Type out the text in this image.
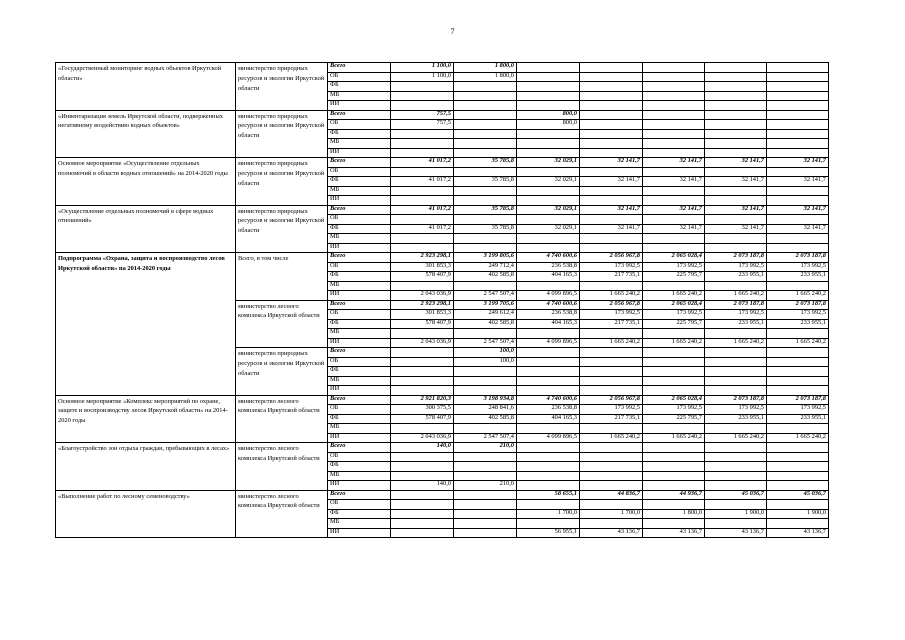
7
«Государственный мониторинг водных объектов Иркутской области»	министерство природных ресурсов и экологии Иркутской области	Всего	1 100,0	1 800,0					
		ОБ	1 100,0	1 800,0					
		ФБ							
		МБ							
		ИИ							
«Инвентаризация земель Иркутской области, подверженных негативному воздействию водных объектов»	министерство природных ресурсов и экологии Иркутской области	Всего	757,5		800,0				
		ОБ	757,5		800,0				
		ФБ							
		МБ							
		ИИ							
Основное мероприятие «Осуществление отдельных полномочий в области водных отношений» на 2014-2020 годы	министерство природных ресурсов и экологии Иркутской области	Всего	41 017,2	35 785,8	32 029,1	32 141,7	32 141,7	32 141,7	32 141,7
		ОБ							
		ФБ	41 017,2	35 785,8	32 029,1	32 141,7	32 141,7	32 141,7	32 141,7
		МБ							
		ИИ							
«Осуществление отдельных полномочий в сфере водных отношений»	министерство природных ресурсов и экологии Иркутской области	Всего	41 017,2	35 785,8	32 029,1	32 141,7	32 141,7	32 141,7	32 141,7
		ОБ							
		ФБ	41 017,2	35 785,8	32 029,1	32 141,7	32 141,7	32 141,7	32 141,7
		МБ							
		ИИ							
Подпрограмма «Охрана, защита и воспроизводство лесов Иркутской области» на 2014-2020 годы	Всего, в том числе	Всего	2 923 298,1	3 199 805,6	4 740 600,6	2 056 967,8	2 065 028,4	2 073 187,8	2 073 187,8
		ОБ	301 853,3	249 712,4	236 538,8	173 992,5	173 992,5	173 992,5	173 992,5
		ФБ	578 407,9	402 585,8	404 165,3	217 735,1	225 795,7	233 955,1	233 955,1
		МБ							
		ИИ	2 043 036,9	2 547 507,4	4 099 896,5	1 665 240,2	1 665 240,2	1 665 240,2	1 665 240,2
	министерство лесного комплекса Иркутской области	Всего	2 923 298,1	3 199 705,6	4 740 600,6	2 056 967,8	2 065 028,4	2 073 187,8	2 073 187,8
		ОБ	301 853,3	249 612,4	236 538,8	173 992,5	173 992,5	173 992,5	173 992,5
		ФБ	578 407,9	402 585,8	404 165,3	217 735,1	225 795,7	233 955,1	233 955,1
		МБ							
		ИИ	2 043 036,9	2 547 507,4	4 099 896,5	1 665 240,2	1 665 240,2	1 665 240,2	1 665 240,2
	министерство природных ресурсов и экологии Иркутской области	Всего		100,0					
		ОБ		100,0					
		ФБ							
		МБ							
		ИИ							
Основное мероприятие «Комплекс мероприятий по охране, защите и воспроизводству лесов Иркутской области» на 2014-2020 годы	министерство лесного комплекса Иркутской области	Всего	2 921 820,3	3 198 934,8	4 740 600,6	2 056 967,8	2 065 028,4	2 073 187,8	2 073 187,8
		ОБ	300 375,5	248 841,6	236 538,8	173 992,5	173 992,5	173 992,5	173 992,5
		ФБ	578 407,9	402 585,8	404 165,3	217 735,1	225 795,7	233 955,1	233 955,1
		МБ							
		ИИ	2 043 036,9	2 547 507,4	4 099 896,5	1 665 240,2	1 665 240,2	1 665 240,2	1 665 240,2
«Благоустройство зон отдыха граждан, пребывающих в лесах»	министерство лесного комплекса Иркутской области	Всего	140,0	210,0					
		ОБ							
		ФБ							
		МБ							
		ИИ	140,0	210,0					
«Выполнение работ по лесному семеноводству»	министерство лесного комплекса Иркутской области	Всего			58 655,1	44 836,7	44 936,7	45 036,7	45 036,7
		ОБ							
		ФБ			1 700,0	1 700,0	1 800,0	1 900,0	1 900,0
		МБ							
		ИИ			56 955,1	43 136,7	43 136,7	43 136,7	43 136,7
